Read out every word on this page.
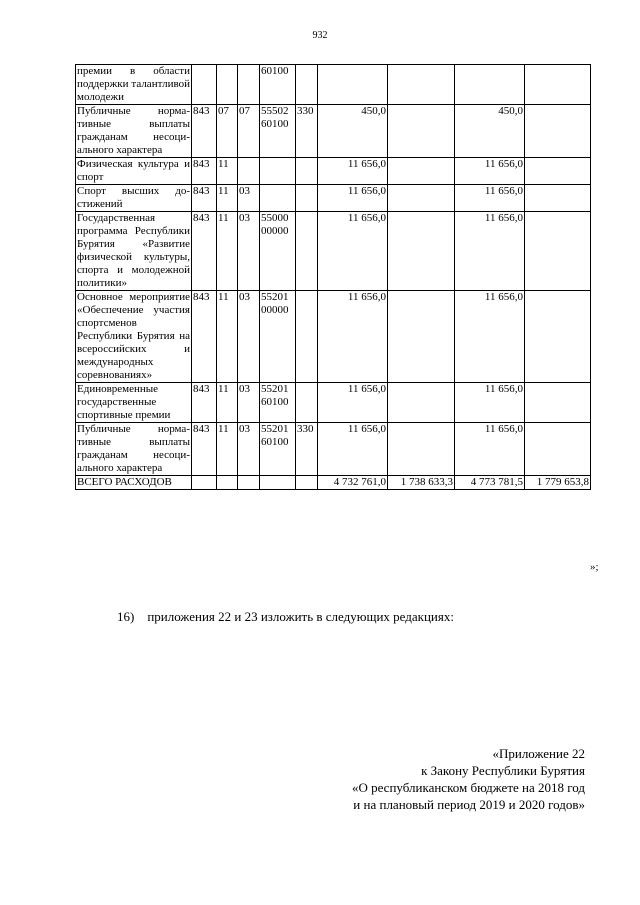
932
премии в области поддержки талантливой молодежи				60100					
Публичные нормативные выплаты гражданам несоциального характера	843	07	07	55502 60100	330	450,0		450,0	
Физическая культура и спорт	843	11				11 656,0		11 656,0	
Спорт высших достижений	843	11	03			11 656,0		11 656,0	
Государственная программа Республики Бурятия «Развитие физической культуры, спорта и молодежной политики»	843	11	03	55000 00000		11 656,0		11 656,0	
Основное мероприятие «Обеспечение участия спортсменов Республики Бурятия на всероссийских и международных соревнованиях»	843	11	03	55201 00000		11 656,0		11 656,0	
Единовременные государственные спортивные премии	843	11	03	55201 60100		11 656,0		11 656,0	
Публичные нормативные выплаты гражданам несоциального характера	843	11	03	55201 60100	330	11 656,0		11 656,0	
ВСЕГО РАСХОДОВ						4 732 761,0	1 738 633,3	4 773 781,5	1 779 653,8
»;
16) приложения 22 и 23 изложить в следующих редакциях:
«Приложение 22
к Закону Республики Бурятия
«О республиканском бюджете на 2018 год
и на плановый период 2019 и 2020 годов»
